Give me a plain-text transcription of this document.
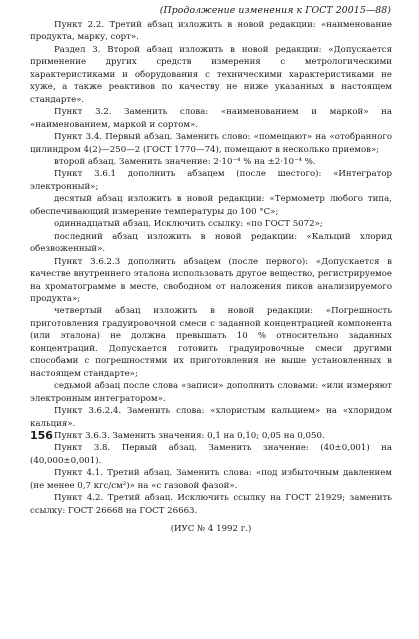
(Продолжение изменения к ГОСТ 20015—88)

Пункт 2.2. Третий абзац изложить в новой редакции: «наименование продукта, марку, сорт».

Раздел 3. Второй абзац изложить в новой редакции: «Допускается применение других средств измерения с метрологическими характеристиками и оборудования с техническими характеристиками не хуже, а также реактивов по качеству не ниже указанных в настоящем стандарте».

Пункт 3.2. Заменить слова: «наименованием и маркой» на «наименованием, маркой и сортом».

Пункт 3.4. Первый абзац. Заменить слово: «помещают» на «отобранного цилиндром 4(2)—250—2 (ГОСТ 1770—74), помещают в несколько приемов»;

второй абзац. Заменить значение: 2·10⁻⁴ % на ±2·10⁻⁴ %.

Пункт 3.6.1 дополнить абзацем (после шестого): «Интегратор электронный»;

десятый абзац изложить в новой редакции: «Термометр любого типа, обеспечивающий измерение температуры до 100 °С»;

одиннадцатый абзац. Исключить ссылку: «по ГОСТ 5072»;

последний абзац изложить в новой редакции: «Кальций хлорид обезвоженный».

Пункт 3.6.2.3 дополнить абзацем (после первого): «Допускается в качестве внутреннего эталона использовать другое вещество, регистрируемое на хроматограмме в месте, свободном от наложения пиков анализируемого продукта»;

четвертый абзац изложить в новой редакции: «Погрешность приготовления градуировочной смеси с заданной концентрацией компонента (или эталона) не должна превышать 10 % относительно заданных концентраций. Допускается готовить градуировочные смеси другими способами с погрешностями их приготовления не выше установленных в настоящем стандарте»;

седьмой абзац после слова «записи» дополнить словами: «или измеряют электронным интегратором».

Пункт 3.6.2.4. Заменить слова: «хлористым кальцием» на «хлоридом кальция».

Пункт 3.6.3. Заменить значения: 0,1 на 0,10; 0,05 на 0,050.

Пункт 3.8. Первый абзац. Заменить значение: (40±0,001) на (40,000±0,001).

Пункт 4.1. Третий абзац. Заменить слова: «под избыточным давлением (не менее 0,7 кгс/см²)» на «с газовой фазой».

Пункт 4.2. Третий абзац. Исключить ссылку на ГОСТ 21929; заменить ссылку: ГОСТ 26668 на ГОСТ 26663.

(ИУС № 4 1992 г.)

156
